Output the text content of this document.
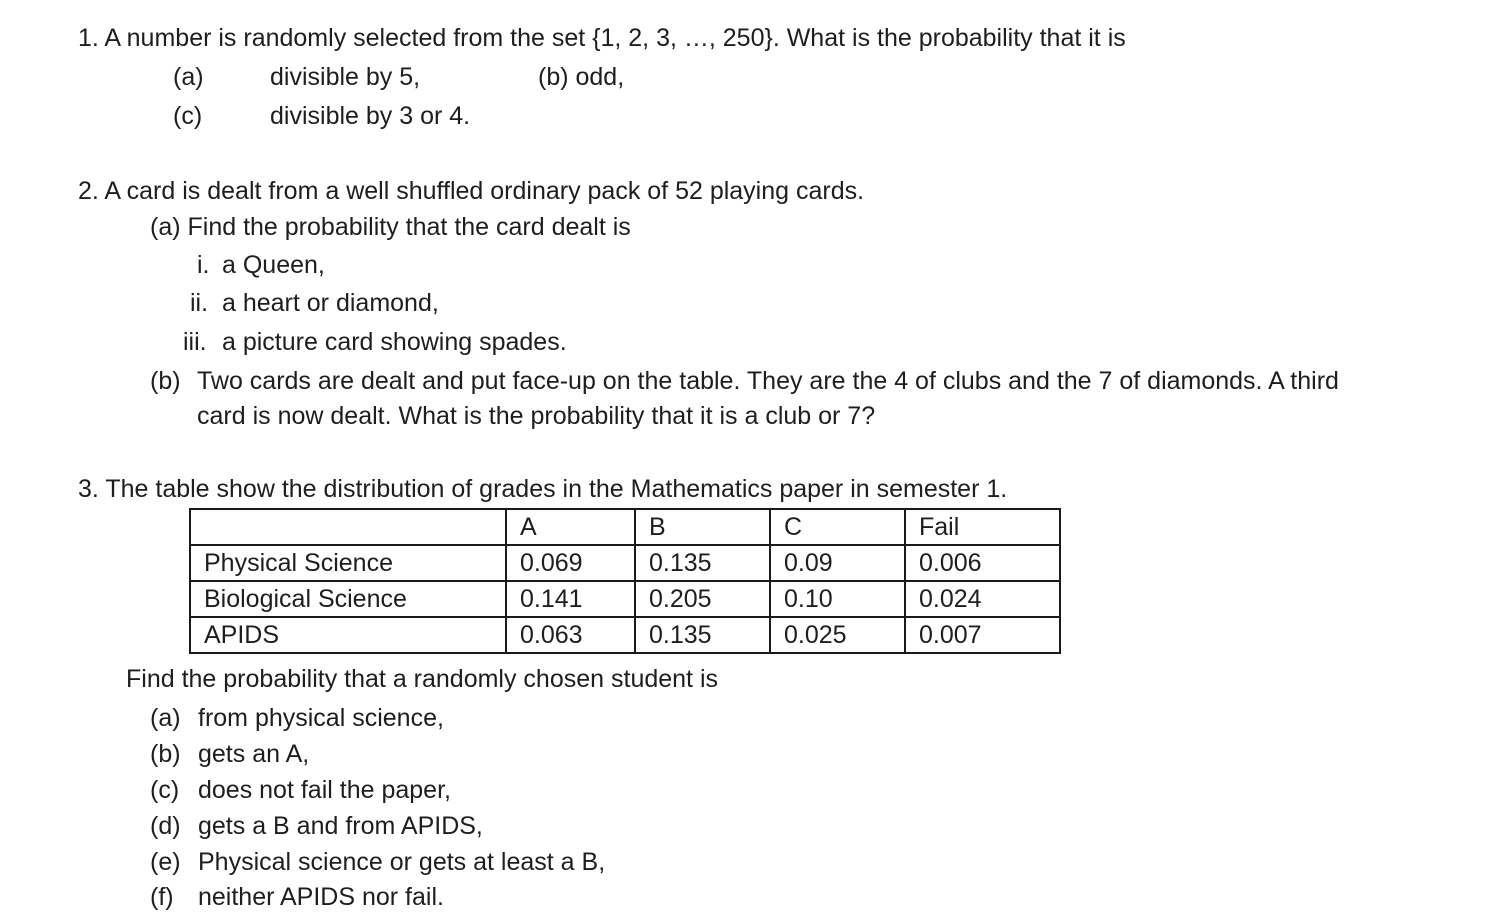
1. A number is randomly selected from the set {1, 2, 3, …, 250}. What is the probability that it is
(a)	divisible by 5,	(b) odd,
(c)	divisible by 3 or 4.
2. A card is dealt from a well shuffled ordinary pack of 52 playing cards.
(a) Find the probability that the card dealt is
i. a Queen,
ii. a heart or diamond,
iii. a picture card showing spades.
(b) Two cards are dealt and put face-up on the table. They are the 4 of clubs and the 7 of diamonds. A third
card is now dealt. What is the probability that it is a club or 7?
3. The table show the distribution of grades in the Mathematics paper in semester 1.
	A	B	C	Fail
Physical Science	0.069	0.135	0.09	0.006
Biological Science	0.141	0.205	0.10	0.024
APIDS	0.063	0.135	0.025	0.007
Find the probability that a randomly chosen student is
(a) from physical science,
(b) gets an A,
(c) does not fail the paper,
(d) gets a B and from APIDS,
(e) Physical science or gets at least a B,
(f) neither APIDS nor fail.
